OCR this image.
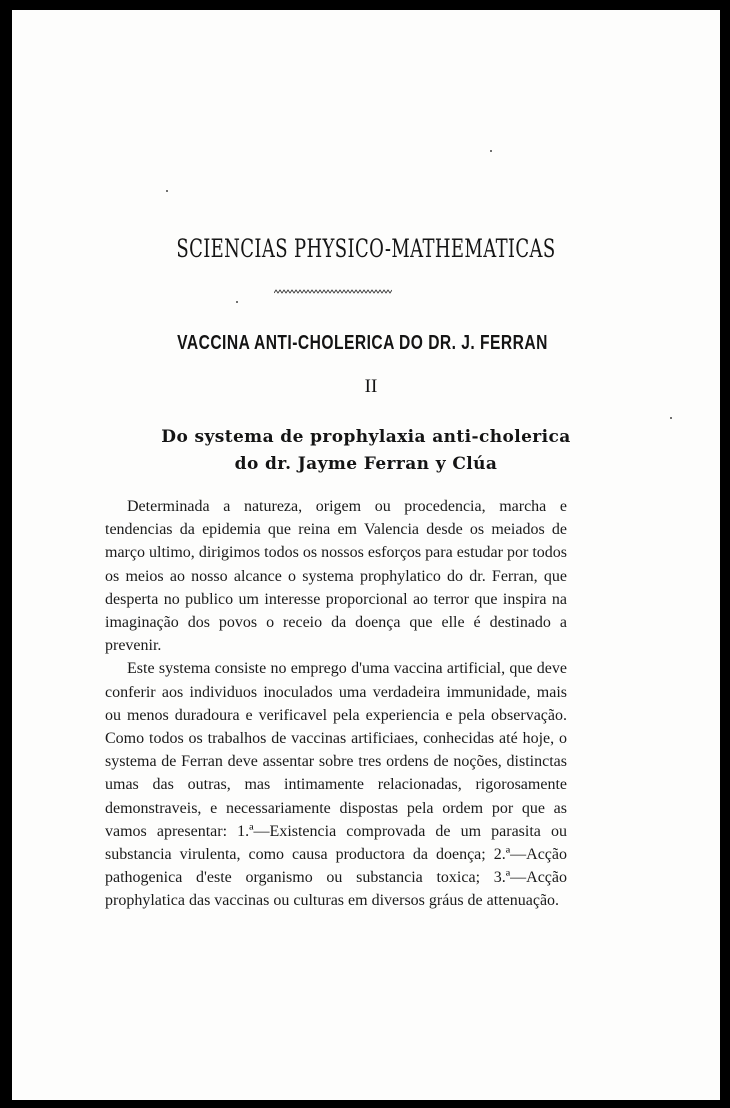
SCIENCIAS PHYSICO-MATHEMATICAS
VACCINA ANTI-CHOLERICA DO DR. J. FERRAN
II
Do systema de prophylaxia anti-cholerica
do dr. Jayme Ferran y Clúa

Determinada a natureza, origem ou procedencia, marcha e tendencias da epidemia que reina em Valencia desde os meiados de março ultimo, dirigimos todos os nossos esforços para estudar por todos os meios ao nosso alcance o systema prophylatico do dr. Ferran, que desperta no publico um interesse proporcional ao terror que inspira na imaginação dos povos o receio da doença que elle é destinado a prevenir.

Este systema consiste no emprego d'uma vaccina artificial, que deve conferir aos individuos inoculados uma verdadeira immunidade, mais ou menos duradoura e verificavel pela experiencia e pela observação. Como todos os trabalhos de vaccinas artificiaes, conhecidas até hoje, o systema de Ferran deve assentar sobre tres ordens de noções, distinctas umas das outras, mas intimamente relacionadas, rigorosamente demonstraveis, e necessariamente dispostas pela ordem por que as vamos apresentar: 1.ª—Existencia comprovada de um parasita ou substancia virulenta, como causa productora da doença; 2.ª—Acção pathogenica d'este organismo ou substancia toxica; 3.ª—Acção prophylatica das vaccinas ou culturas em diversos gráus de attenuação.
